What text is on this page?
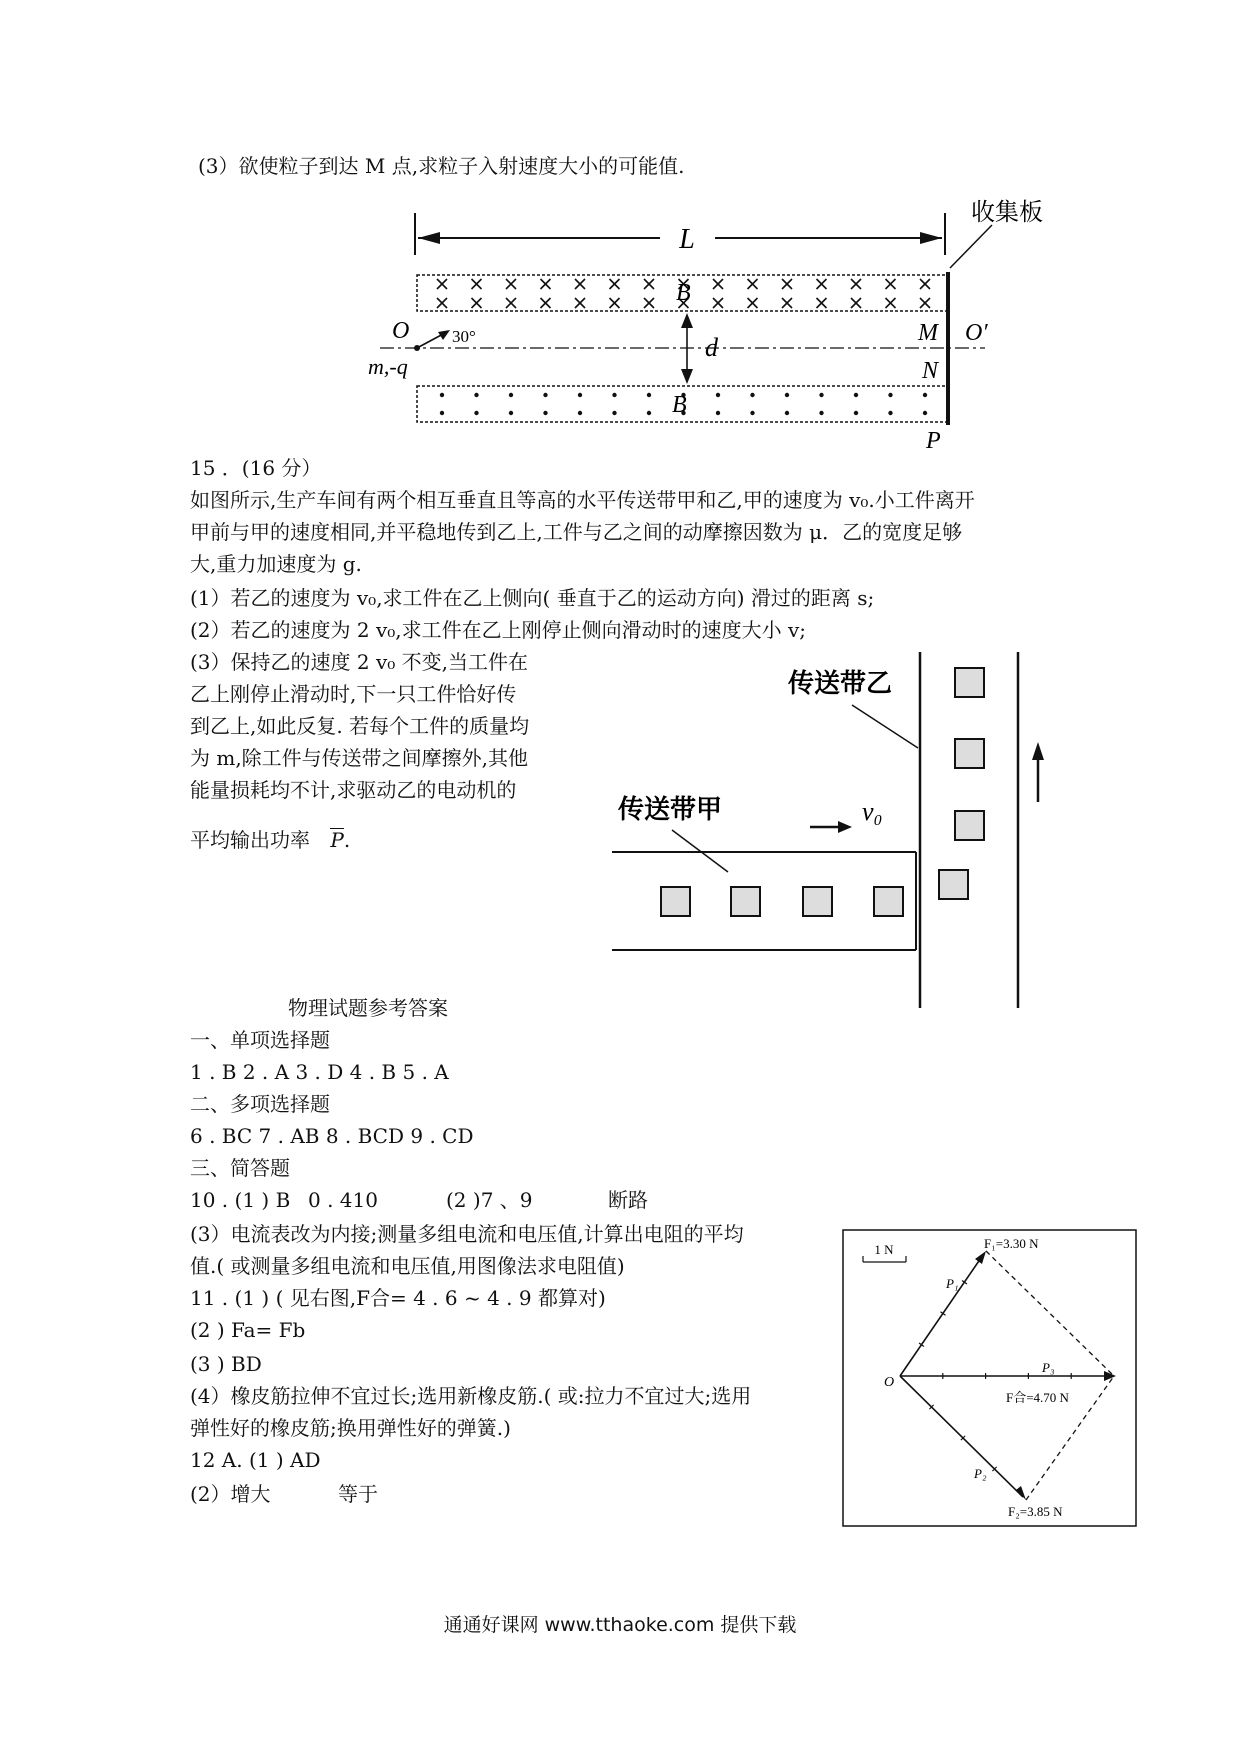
(3）欲使粒子到达 M 点,求粒子入射速度大小的可能值.
L
收集板
d
B
B
O	30°
m,-q
M O′
N
P
15 ．(16 分）
如图所示,生产车间有两个相互垂直且等高的水平传送带甲和乙,甲的速度为 v₀.小工件离开
甲前与甲的速度相同,并平稳地传到乙上,工件与乙之间的动摩擦因数为 μ．乙的宽度足够
大,重力加速度为 g.
(1）若乙的速度为 v₀,求工件在乙上侧向( 垂直于乙的运动方向) 滑过的距离 s;
(2）若乙的速度为 2 v₀,求工件在乙上刚停止侧向滑动时的速度大小 v;
(3）保持乙的速度 2 v₀ 不变,当工件在
乙上刚停止滑动时,下一只工件恰好传
到乙上,如此反复. 若每个工件的质量均
为 m,除工件与传送带之间摩擦外,其他
能量损耗均不计,求驱动乙的电动机的
平均输出功率 P.
v₀
传送带乙
传送带甲
物理试题参考答案
一、单项选择题
1 . B 2 . A 3 . D 4 . B 5 . A
二、多项选择题
6 . BC 7 . AB 8 . BCD 9 . CD
三、简答题
10 . (1 ) B 0 . 410	(2 )7 、9	断路
(3）电流表改为内接;测量多组电流和电压值,计算出电阻的平均
值.( 或测量多组电流和电压值,用图像法求电阻值)
11 . (1 ) ( 见右图,F合= 4 . 6 ~ 4 . 9 都算对)
(2 ) Fa= Fb
(3 ) BD
(4）橡皮筋拉伸不宜过长;选用新橡皮筋.( 或:拉力不宜过大;选用
弹性好的橡皮筋;换用弹性好的弹簧.)
12 A. (1 ) AD
(2）增大	等于
1 N
O
F₁=3.30 N
F₂=3.85 N
F合=4.70 N
P₁
P₂
P₃
通通好课网 www.tthaoke.com 提供下载
